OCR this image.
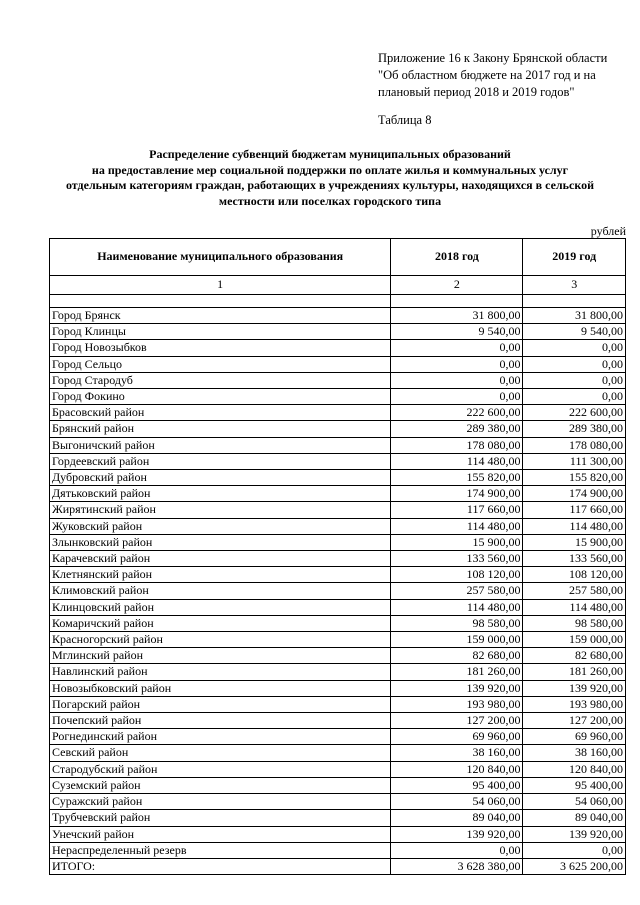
Приложение 16 к Закону Брянской области
"Об областном бюджете на 2017 год и на
плановый период 2018 и 2019 годов"
Таблица 8
Распределение субвенций бюджетам муниципальных образований
на предоставление мер социальной поддержки по оплате жилья и коммунальных услуг
отдельным категориям граждан, работающих в учреждениях культуры, находящихся в сельской
местности или поселках городского типа
рублей
Наименование муниципального образования	2018 год	2019 год
1	2	3

Город Брянск	31 800,00	31 800,00
Город Клинцы	9 540,00	9 540,00
Город Новозыбков	0,00	0,00
Город Сельцо	0,00	0,00
Город Стародуб	0,00	0,00
Город Фокино	0,00	0,00
Брасовский район	222 600,00	222 600,00
Брянский район	289 380,00	289 380,00
Выгоничский район	178 080,00	178 080,00
Гордеевский район	114 480,00	111 300,00
Дубровский район	155 820,00	155 820,00
Дятьковский район	174 900,00	174 900,00
Жирятинский район	117 660,00	117 660,00
Жуковский район	114 480,00	114 480,00
Злынковский район	15 900,00	15 900,00
Карачевский район	133 560,00	133 560,00
Клетнянский район	108 120,00	108 120,00
Климовский район	257 580,00	257 580,00
Клинцовский район	114 480,00	114 480,00
Комаричский район	98 580,00	98 580,00
Красногорский район	159 000,00	159 000,00
Мглинский район	82 680,00	82 680,00
Навлинский район	181 260,00	181 260,00
Новозыбковский район	139 920,00	139 920,00
Погарский район	193 980,00	193 980,00
Почепский район	127 200,00	127 200,00
Рогнединский район	69 960,00	69 960,00
Севский район	38 160,00	38 160,00
Стародубский район	120 840,00	120 840,00
Суземский район	95 400,00	95 400,00
Суражский район	54 060,00	54 060,00
Трубчевский район	89 040,00	89 040,00
Унечский район	139 920,00	139 920,00
Нераспределенный резерв	0,00	0,00
ИТОГО:	3 628 380,00	3 625 200,00
